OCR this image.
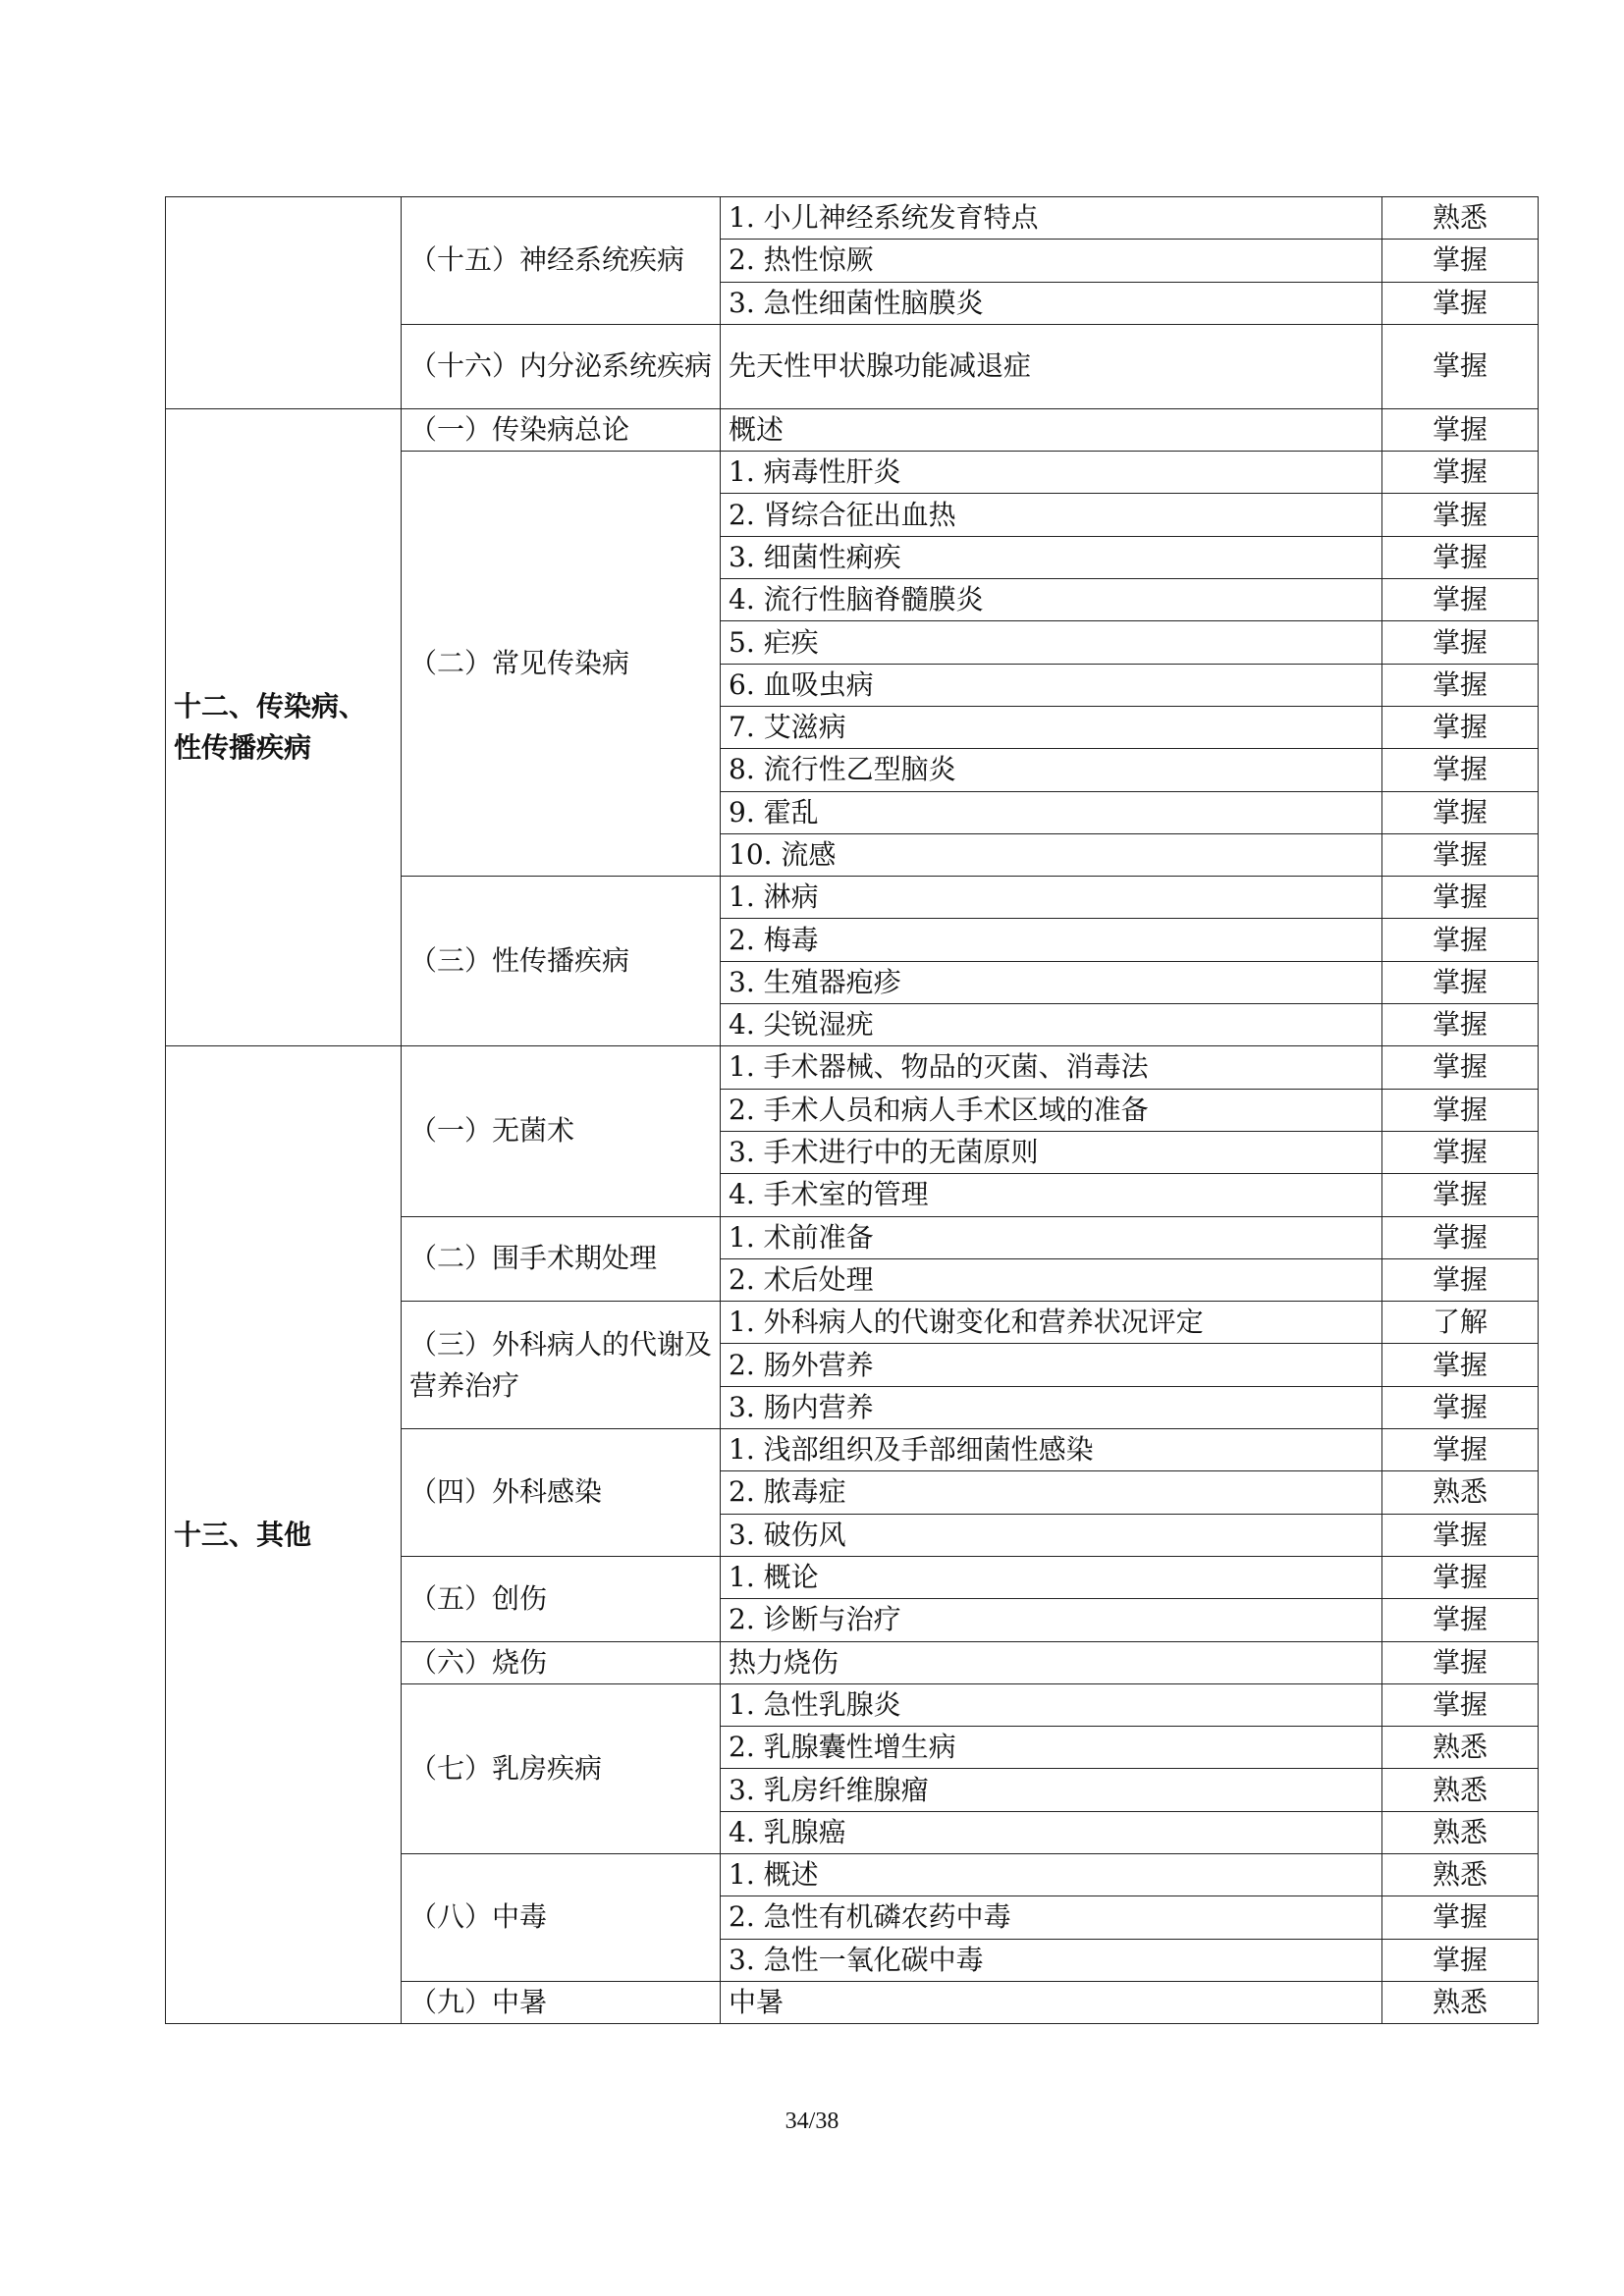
	（十五）神经系统疾病	1. 小儿神经系统发育特点	熟悉
		2. 热性惊厥	掌握
		3. 急性细菌性脑膜炎	掌握
	（十六）内分泌系统疾病	先天性甲状腺功能减退症	掌握

十二、传染病、
性传播疾病	（一）传染病总论	概述	掌握
	（二）常见传染病	1. 病毒性肝炎	掌握
		2. 肾综合征出血热	掌握
		3. 细菌性痢疾	掌握
		4. 流行性脑脊髓膜炎	掌握
		5. 疟疾	掌握
		6. 血吸虫病	掌握
		7. 艾滋病	掌握
		8. 流行性乙型脑炎	掌握
		9. 霍乱	掌握
		10. 流感	掌握
	（三）性传播疾病	1. 淋病	掌握
		2. 梅毒	掌握
		3. 生殖器疱疹	掌握
		4. 尖锐湿疣	掌握
十三、其他	（一）无菌术	1. 手术器械、物品的灭菌、消毒法	掌握
		2. 手术人员和病人手术区域的准备	掌握
		3. 手术进行中的无菌原则	掌握
		4. 手术室的管理	掌握
	（二）围手术期处理	1. 术前准备	掌握
		2. 术后处理	掌握
	（三）外科病人的代谢及营养治疗	1. 外科病人的代谢变化和营养状况评定	了解
		2. 肠外营养	掌握
		3. 肠内营养	掌握
	（四）外科感染	1. 浅部组织及手部细菌性感染	掌握
		2. 脓毒症	熟悉
		3. 破伤风	掌握
	（五）创伤	1. 概论	掌握
		2. 诊断与治疗	掌握
	（六）烧伤	热力烧伤	掌握
	（七）乳房疾病	1. 急性乳腺炎	掌握
		2. 乳腺囊性增生病	熟悉
		3. 乳房纤维腺瘤	熟悉
		4. 乳腺癌	熟悉
	（八）中毒	1. 概述	熟悉
		2. 急性有机磷农药中毒	掌握
		3. 急性一氧化碳中毒	掌握
	（九）中暑	中暑	熟悉
34/38
